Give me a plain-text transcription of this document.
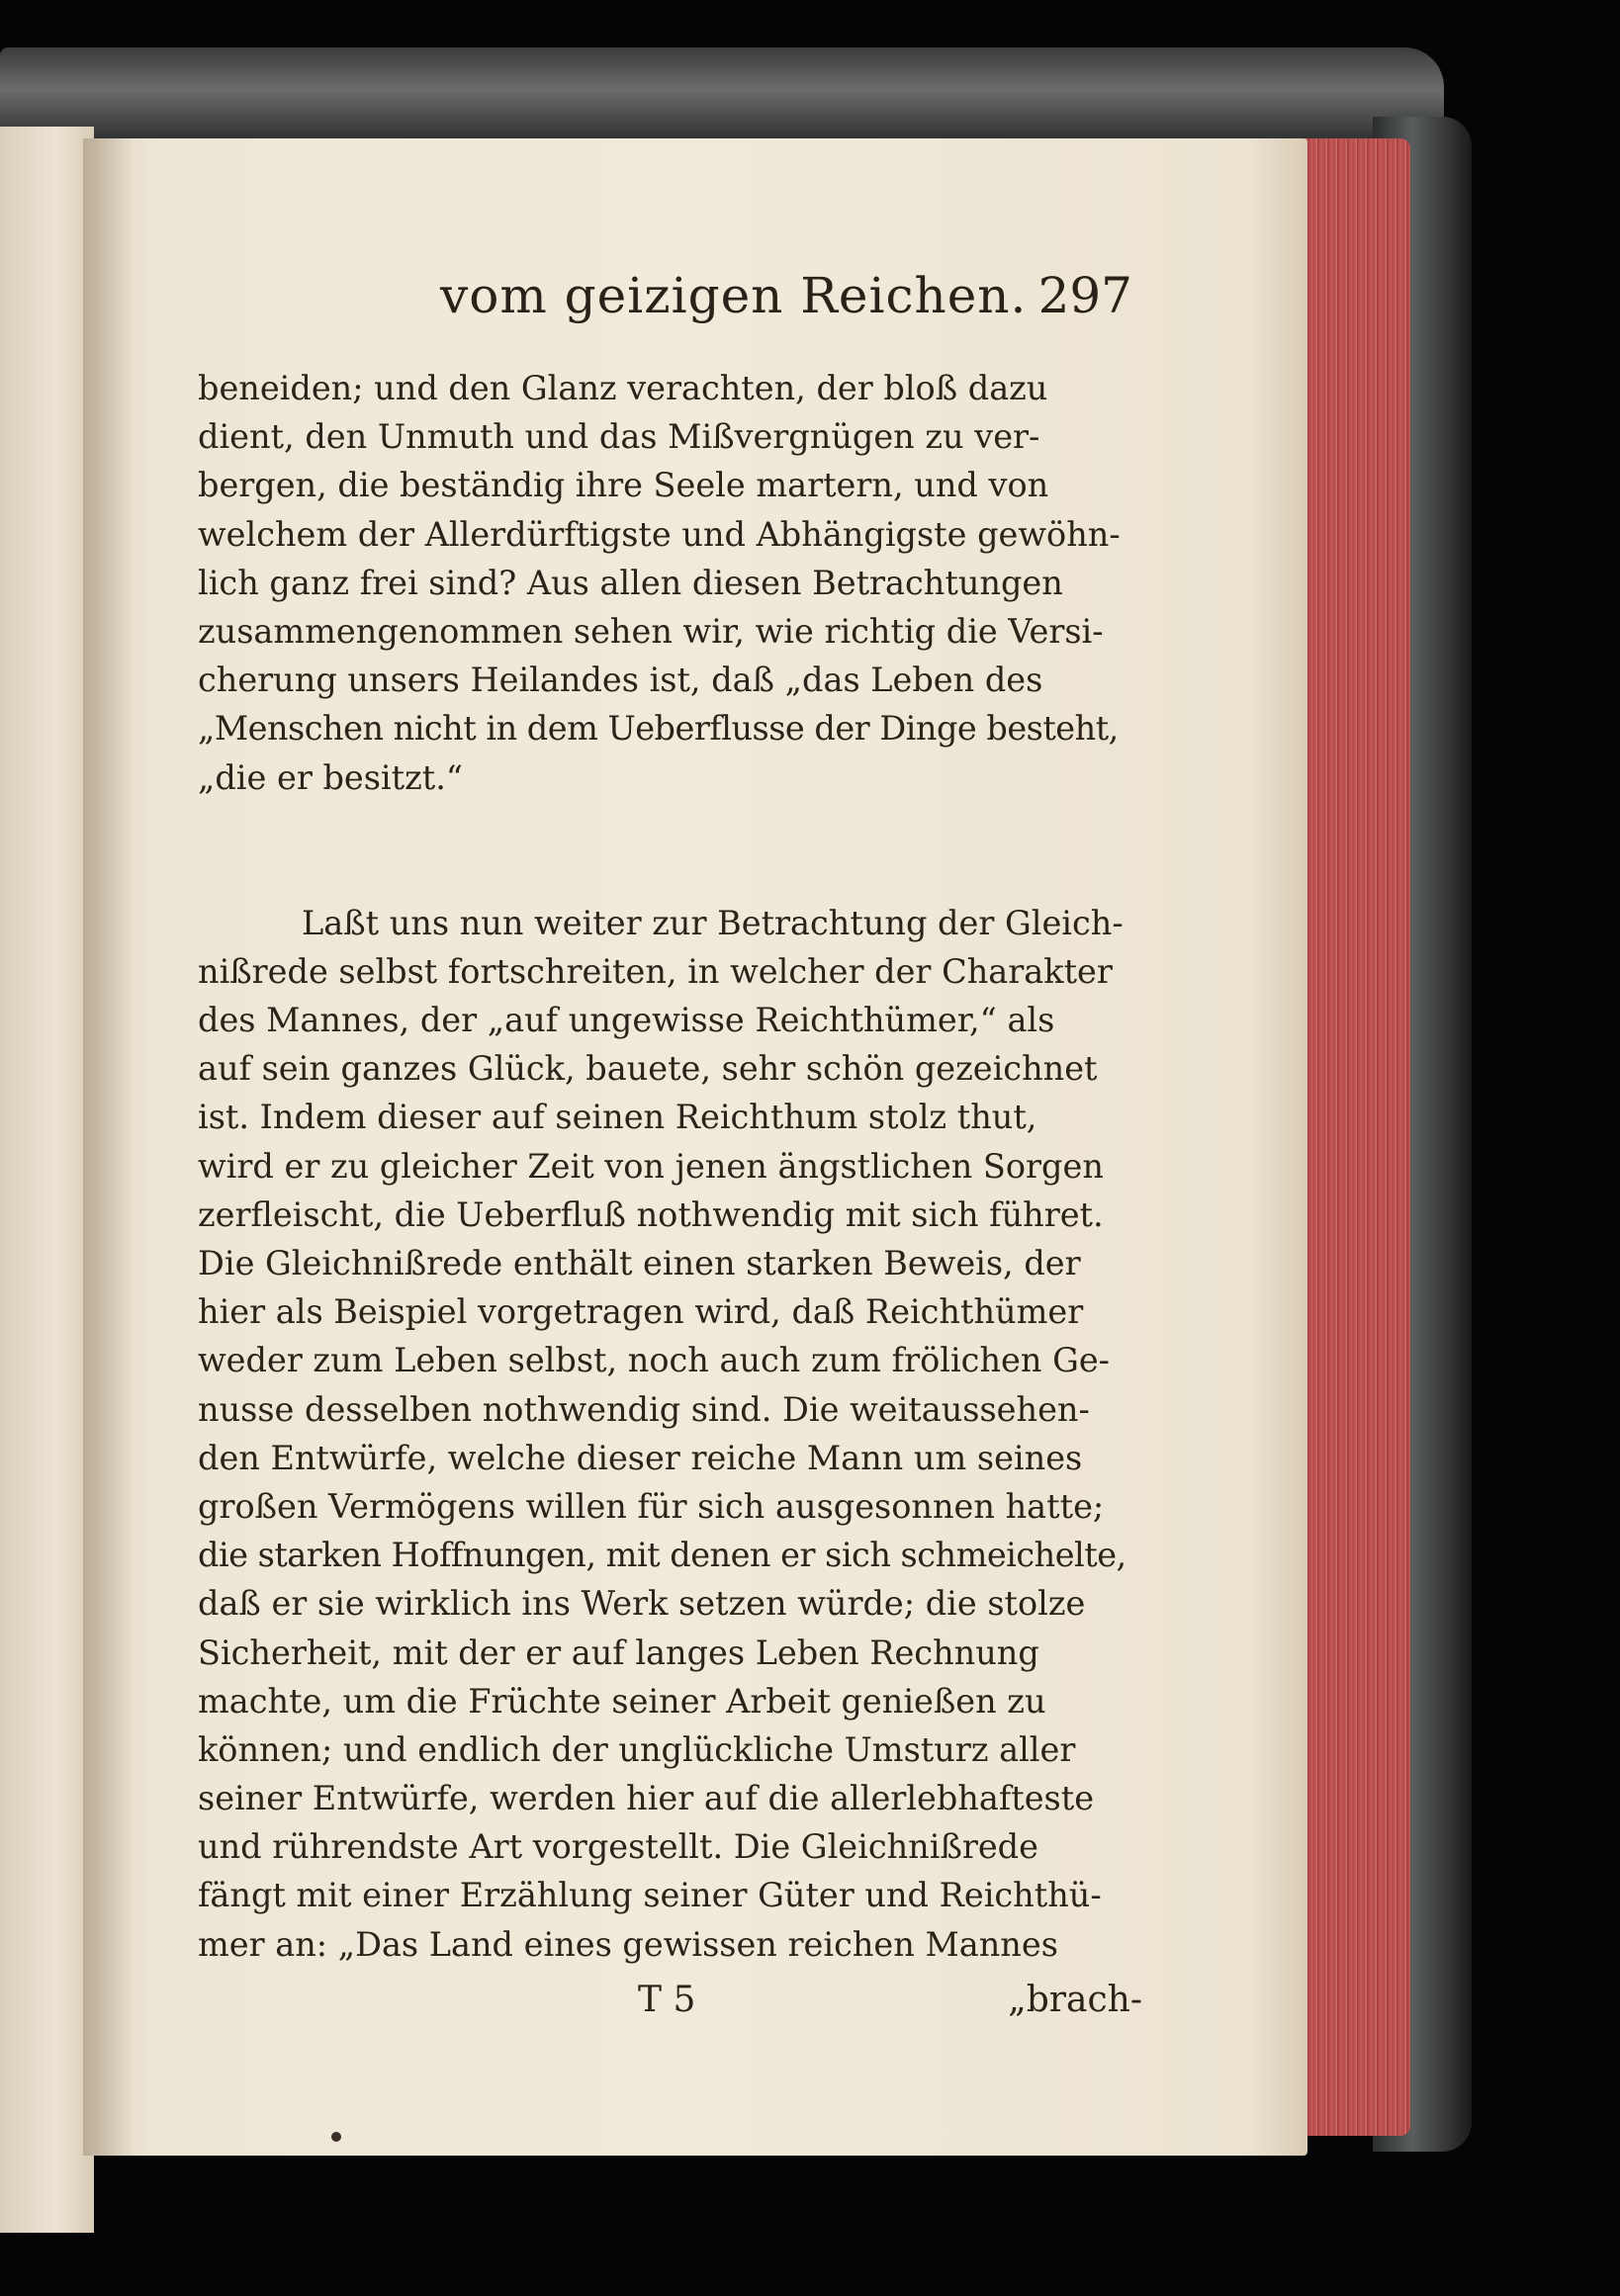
vom geizigen Reichen. 297
beneiden; und den Glanz verachten, der bloß dazu
dient, den Unmuth und das Mißvergnügen zu ver-
bergen, die beständig ihre Seele martern, und von
welchem der Allerdürftigste und Abhängigste gewöhn-
lich ganz frei sind? Aus allen diesen Betrachtungen
zusammengenommen sehen wir, wie richtig die Versi-
cherung unsers Heilandes ist, daß „das Leben des
„Menschen nicht in dem Ueberflusse der Dinge besteht,
„die er besitzt.“
Laßt uns nun weiter zur Betrachtung der Gleich-
nißrede selbst fortschreiten, in welcher der Charakter
des Mannes, der „auf ungewisse Reichthümer,“ als
auf sein ganzes Glück, bauete, sehr schön gezeichnet
ist. Indem dieser auf seinen Reichthum stolz thut,
wird er zu gleicher Zeit von jenen ängstlichen Sorgen
zerfleischt, die Ueberfluß nothwendig mit sich führet.
Die Gleichnißrede enthält einen starken Beweis, der
hier als Beispiel vorgetragen wird, daß Reichthümer
weder zum Leben selbst, noch auch zum frölichen Ge-
nusse desselben nothwendig sind. Die weitaussehen-
den Entwürfe, welche dieser reiche Mann um seines
großen Vermögens willen für sich ausgesonnen hatte;
die starken Hoffnungen, mit denen er sich schmeichelte,
daß er sie wirklich ins Werk setzen würde; die stolze
Sicherheit, mit der er auf langes Leben Rechnung
machte, um die Früchte seiner Arbeit genießen zu
können; und endlich der unglückliche Umsturz aller
seiner Entwürfe, werden hier auf die allerlebhafteste
und rührendste Art vorgestellt. Die Gleichnißrede
fängt mit einer Erzählung seiner Güter und Reichthü-
mer an: „Das Land eines gewissen reichen Mannes
T 5	„brach-
